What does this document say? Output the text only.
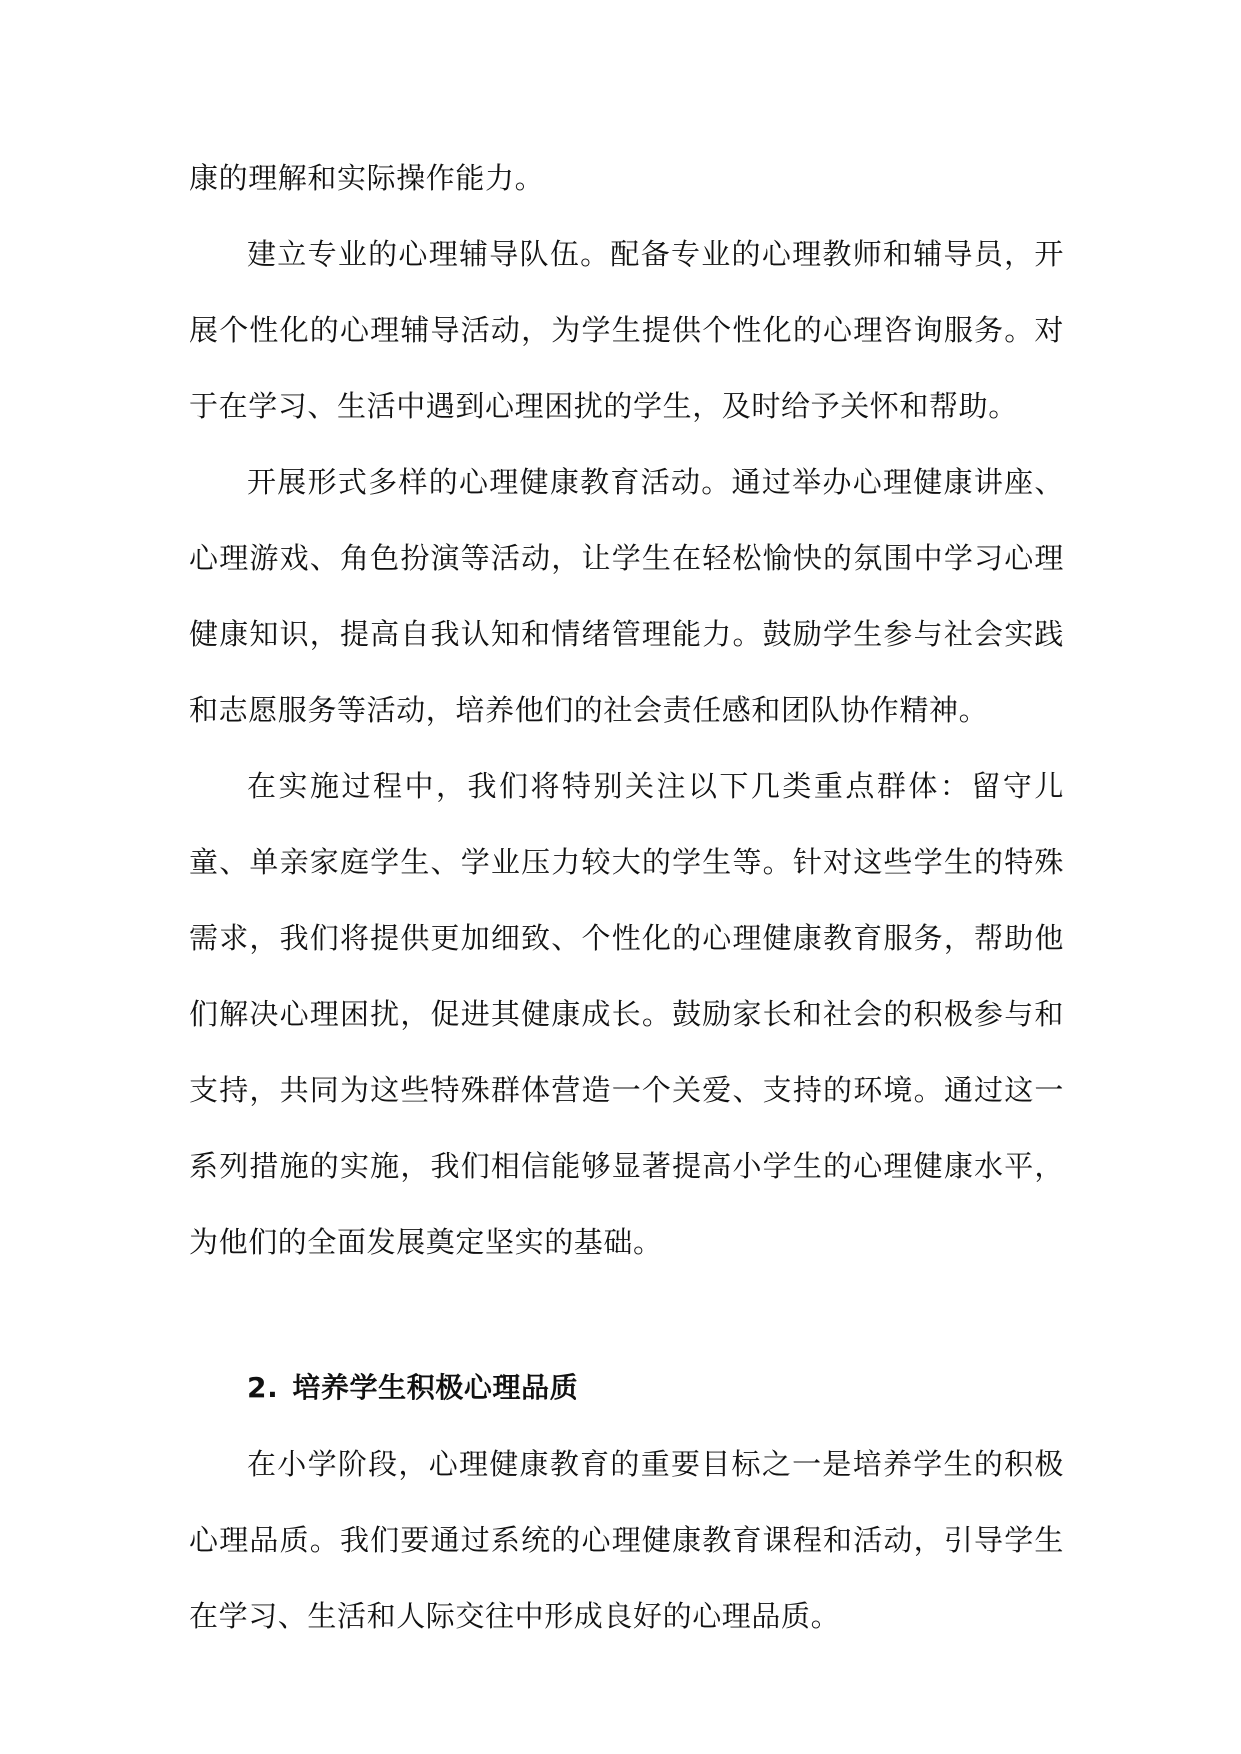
康的理解和实际操作能力。

建立专业的心理辅导队伍。配备专业的心理教师和辅导员，开展个性化的心理辅导活动，为学生提供个性化的心理咨询服务。对于在学习、生活中遇到心理困扰的学生，及时给予关怀和帮助。

开展形式多样的心理健康教育活动。通过举办心理健康讲座、心理游戏、角色扮演等活动，让学生在轻松愉快的氛围中学习心理健康知识，提高自我认知和情绪管理能力。鼓励学生参与社会实践和志愿服务等活动，培养他们的社会责任感和团队协作精神。

在实施过程中，我们将特别关注以下几类重点群体：留守儿童、单亲家庭学生、学业压力较大的学生等。针对这些学生的特殊需求，我们将提供更加细致、个性化的心理健康教育服务，帮助他们解决心理困扰，促进其健康成长。鼓励家长和社会的积极参与和支持，共同为这些特殊群体营造一个关爱、支持的环境。通过这一系列措施的实施，我们相信能够显著提高小学生的心理健康水平，为他们的全面发展奠定坚实的基础。

2. 培养学生积极心理品质

在小学阶段，心理健康教育的重要目标之一是培养学生的积极心理品质。我们要通过系统的心理健康教育课程和活动，引导学生在学习、生活和人际交往中形成良好的心理品质。
